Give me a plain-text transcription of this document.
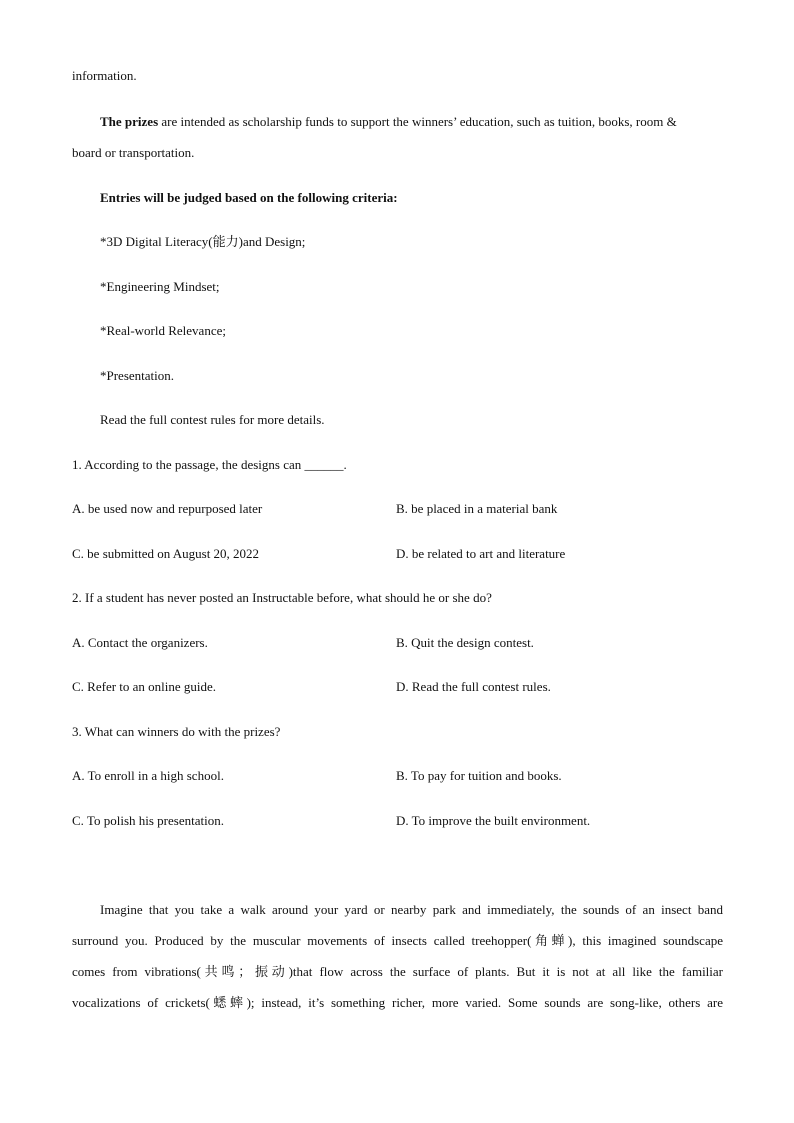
information.
The prizes are intended as scholarship funds to support the winners’ education, such as tuition, books, room &
board or transportation.
Entries will be judged based on the following criteria:
*3D Digital Literacy(能力)and Design;
*Engineering Mindset;
*Real-world Relevance;
*Presentation.
Read the full contest rules for more details.
1. According to the passage, the designs can ______.
A. be used now and repurposed later	B. be placed in a material bank
C. be submitted on August 20, 2022	D. be related to art and literature
2. If a student has never posted an Instructable before, what should he or she do?
A. Contact the organizers.	B. Quit the design contest.
C. Refer to an online guide.	D. Read the full contest rules.
3. What can winners do with the prizes?
A. To enroll in a high school.	B. To pay for tuition and books.
C. To polish his presentation.	D. To improve the built environment.
Imagine that you take a walk around your yard or nearby park and immediately, the sounds of an insect band
surround you. Produced by the muscular movements of insects called treehopper(角蝉), this imagined soundscape
comes from vibrations(共鸣；振动)that flow across the surface of plants. But it is not at all like the familiar
vocalizations of crickets(蟋蟀); instead, it’s something richer, more varied. Some sounds are song-like, others are
